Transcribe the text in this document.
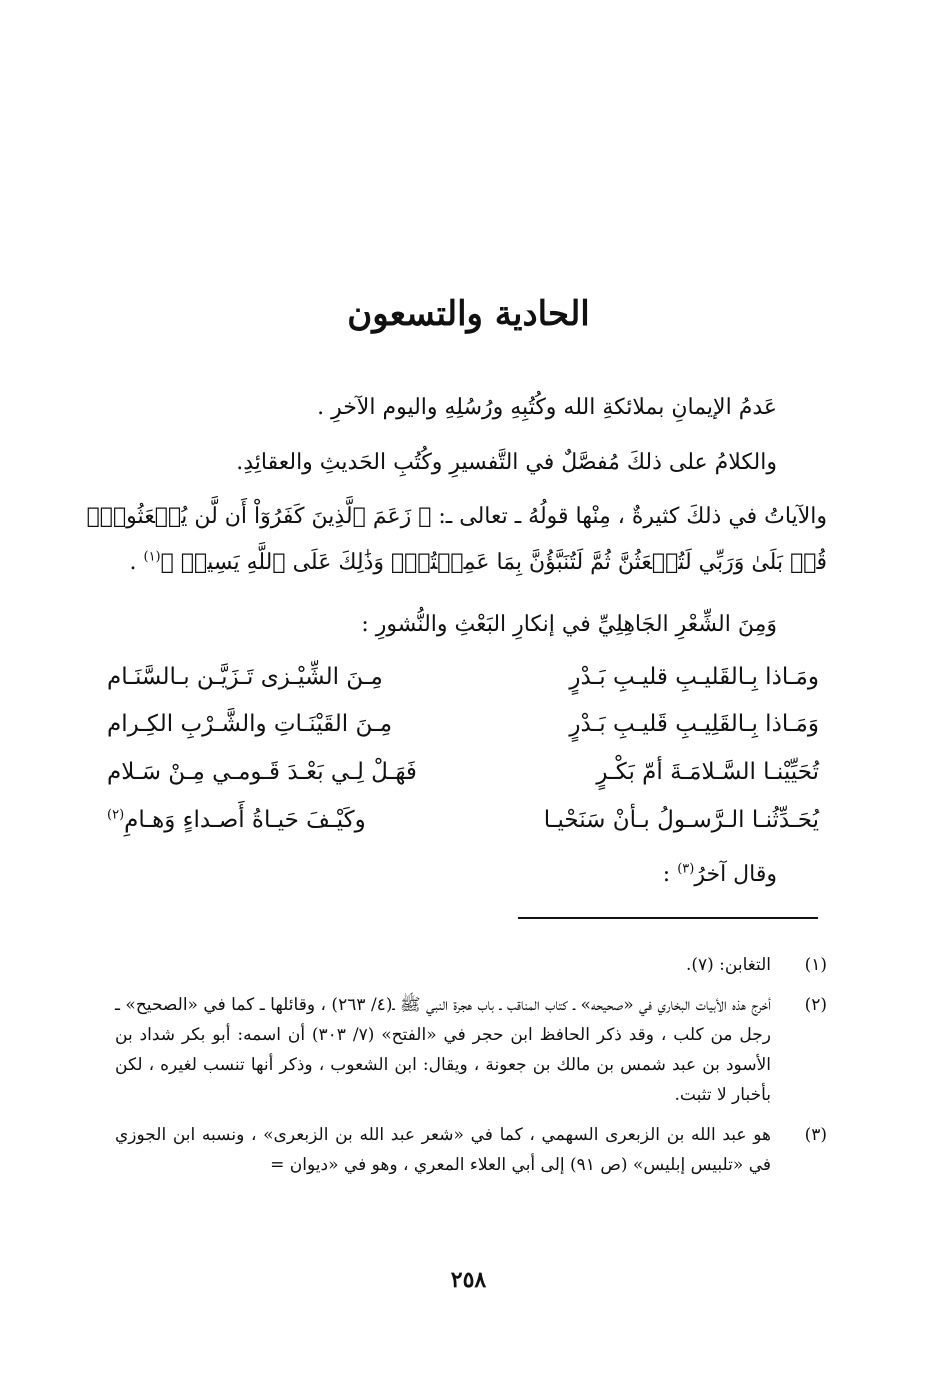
الحادية والتسعون
عَدمُ الإيمانِ بملائكةِ الله وكُتُبِهِ ورُسُلِهِ واليوم الآخرِ .
والكلامُ على ذلكَ مُفصَّلٌ في التَّفسيرِ وكُتُبِ الحَديثِ والعقائِدِ.
والآياتُ في ذلكَ كثيرةٌ ، مِنْها قولُهُ ـ تعالى ـ: ﴿ زَعَمَ ٱلَّذِينَ كَفَرُوٓاْ أَن لَّن يُبۡعَثُواْۚ
قُلۡ بَلَىٰ وَرَبِّي لَتُبۡعَثُنَّ ثُمَّ لَتُنَبَّؤُنَّ بِمَا عَمِلۡتُمۡۚ وَذَٰلِكَ عَلَى ٱللَّهِ يَسِيرٞ ﴾$^{(١)}$ .
وَمِنَ الشِّعْرِ الجَاهِلِيِّ في إنكارِ البَعْثِ والنُّشورِ :
ومَـاذا بِـالقَليـبِ قليـبِ بَـدْرٍ
مِـنَ الشِّيْـزى تَـزَيَّـن بـالسَّنَـام
وَمَـاذا بِـالقَلِيـبِ قَليـبِ بَـدْرٍ
مِـنَ القَيْنَـاتِ والشَّـرْبِ الكِـرام
تُحَيِّيْنـا السَّـلامَـةَ أمّ بَكْـرٍ
فَهَـلْ لِـي بَعْـدَ قَـومـي مِـنْ سَـلام
يُحَـدِّثُنـا الـرَّسـولُ بـأنْ سَنَحْيـا
وكَيْـفَ حَيـاةُ أَصـداءٍ وَهـامِ$^{(٢)}$
وقال آخرُ$^{(٣)}$ :
(١)
التغابن: (٧).
(٢)
أخرج هذه الأبيات البخاري في «صحيحه» ـ كتاب المناقب ـ باب هجرة النبي ﷺ ـ(٤/ ٢٦٣) ، وقائلها ـ كما في «الصحيح» ـ رجل من كلب ، وقد ذكر الحافظ ابن حجر في «الفتح» (٧/ ٣٠٣) أن اسمه: أبو بكر شداد بن الأسود بن عبد شمس بن مالك بن جعونة ، ويقال: ابن الشعوب ، وذكر أنها تنسب لغيره ، لكن بأخبار لا تثبت.
(٣)
هو عبد الله بن الزبعرى السهمي ، كما في «شعر عبد الله بن الزبعرى» ، ونسبه ابن الجوزي في «تلبيس إبليس» (ص ٩١) إلى أبي العلاء المعري ، وهو في «ديوان =
٢٥٨
